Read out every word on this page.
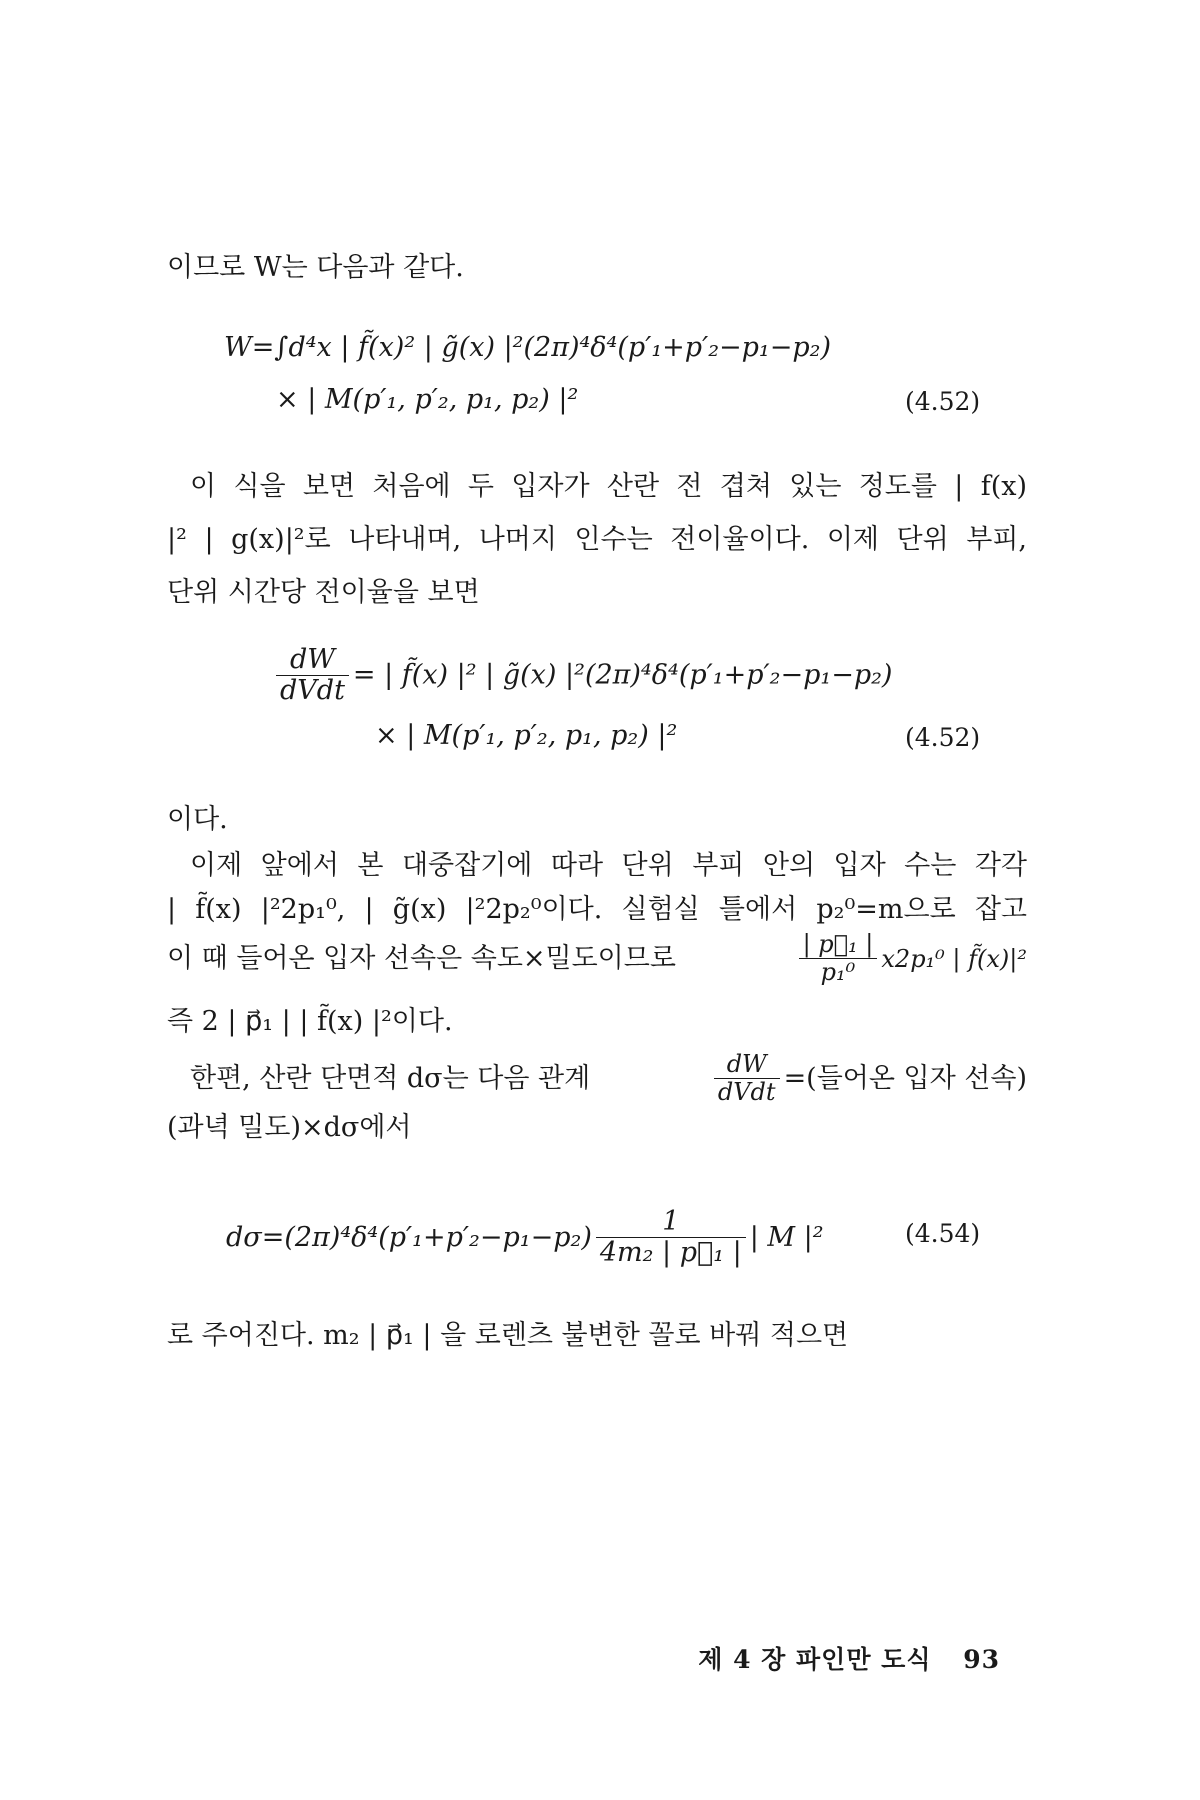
이므로 W는 다음과 같다.
W=∫d⁴x | f̃(x)² | g̃(x) |²(2π)⁴δ⁴(p′₁+p′₂−p₁−p₂)
× | M(p′₁, p′₂, p₁, p₂) |²	(4.52)
이 식을 보면 처음에 두 입자가 산란 전 겹쳐 있는 정도를 | f(x)
|² | g(x)|²로 나타내며, 나머지 인수는 전이율이다. 이제 단위 부피,
단위 시간당 전이율을 보면
$\frac{dW}{\text{dVdt}}$ = | f̃(x) |² | g̃(x) |²(2π)⁴δ⁴(p′₁+p′₂−p₁−p₂)
× | M(p′₁, p′₂, p₁, p₂) |²	(4.52)
이다.
이제 앞에서 본 대중잡기에 따라 단위 부피 안의 입자 수는 각각
| f̃(x) |²2p₁⁰, | g̃(x) |²2p₂⁰이다. 실험실 틀에서 p₂⁰=m으로 잡고
이 때 들어온 입자 선속은 속도×밀도이므로	$\frac{\text{| p⃗₁ |}}{\text{p₁⁰}} x2p_1^0$ | f̃(x)|²
즉 2 | p⃗₁ | | f̃(x) |²이다.
한편, 산란 단면적 dσ는 다음 관계	$\frac{dW}{\text{dVdt}}$ =(들어온 입자 선속)
(과녁 밀도)×dσ에서
$d\sigma=(2\pi)^4\delta^4(p'_1+p'_2-p_1-p_2) \frac{1}{\text{4m₂ | p⃗₁ |}}$ | M |²	(4.54)
로 주어진다. m₂ | p⃗₁ | 을 로렌츠 불변한 꼴로 바꿔 적으면
제 4 장 파인만 도식 93
